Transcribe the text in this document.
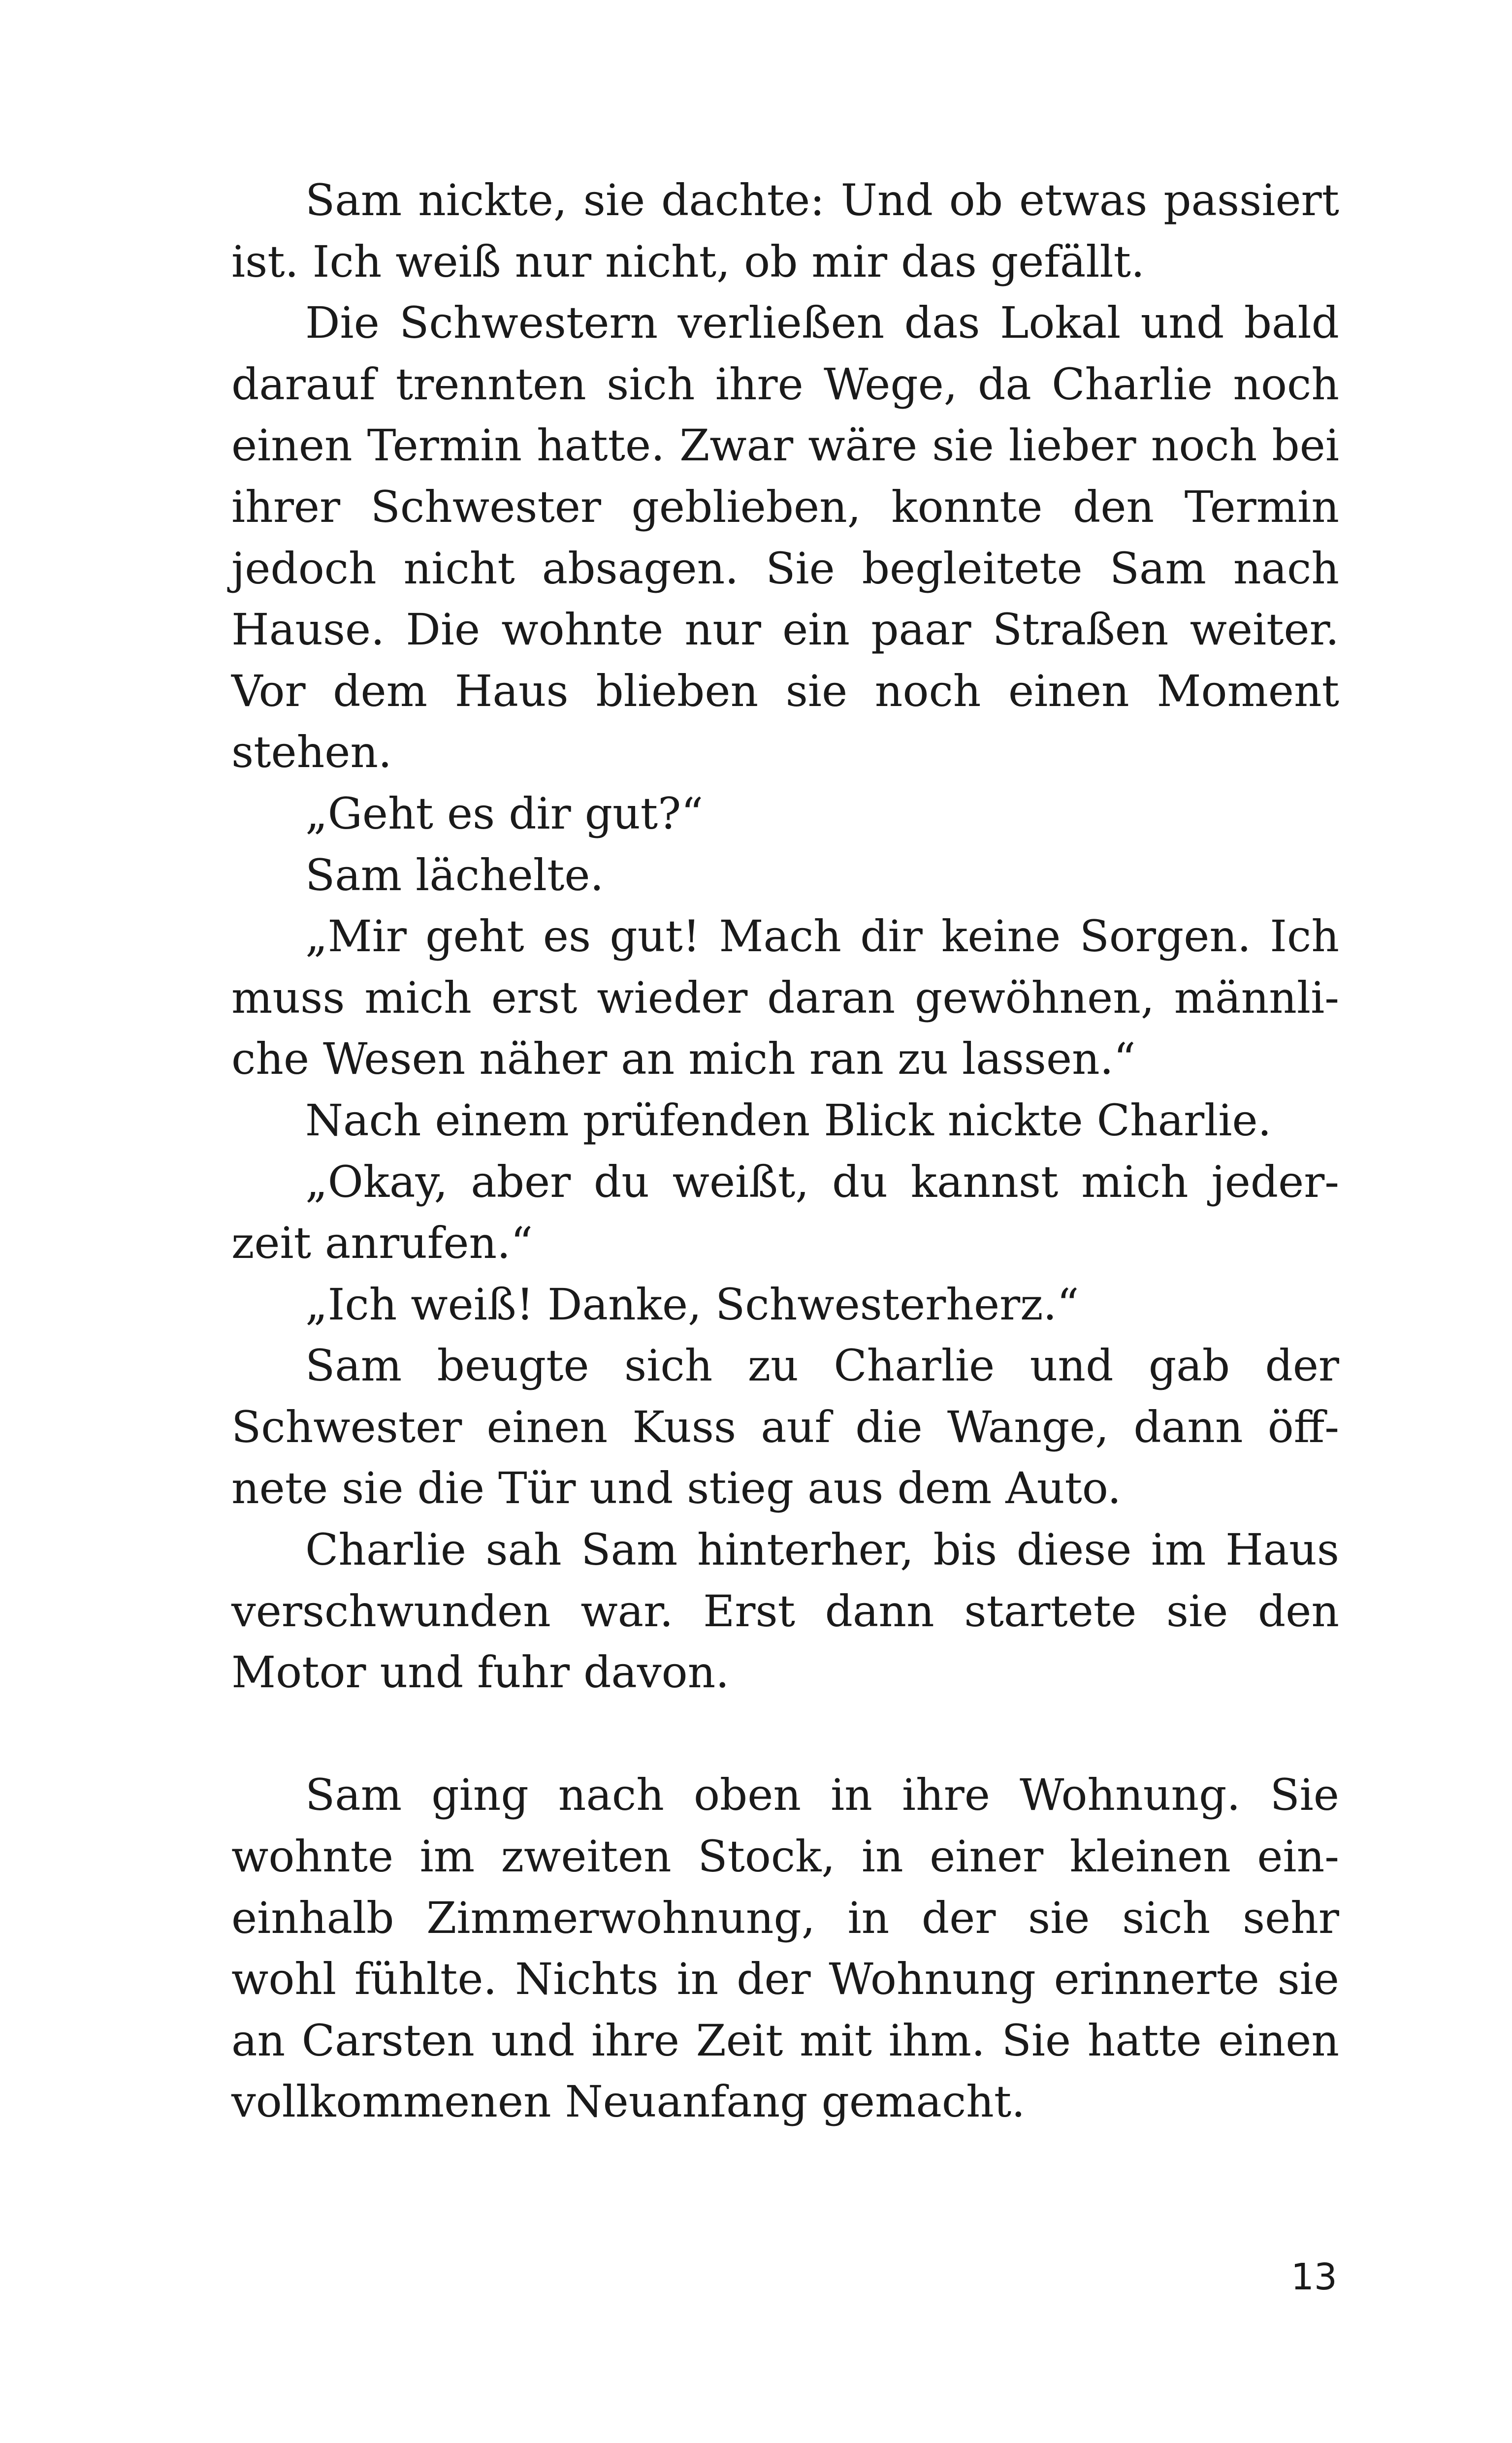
Sam nickte, sie dachte: Und ob etwas passiert ist. Ich weiß nur nicht, ob mir das gefällt.

Die Schwestern verließen das Lokal und bald darauf trennten sich ihre Wege, da Charlie noch einen Termin hatte. Zwar wäre sie lieber noch bei ihrer Schwester geblieben, konnte den Termin jedoch nicht absagen. Sie begleitete Sam nach Hause. Die wohnte nur ein paar Straßen weiter. Vor dem Haus blieben sie noch einen Moment stehen.

„Geht es dir gut?“

Sam lächelte.

„Mir geht es gut! Mach dir keine Sorgen. Ich muss mich erst wieder daran gewöhnen, männliche Wesen näher an mich ran zu lassen.“

Nach einem prüfenden Blick nickte Charlie.

„Okay, aber du weißt, du kannst mich jederzeit anrufen.“

„Ich weiß! Danke, Schwesterherz.“

Sam beugte sich zu Charlie und gab der Schwester einen Kuss auf die Wange, dann öffnete sie die Tür und stieg aus dem Auto.

Charlie sah Sam hinterher, bis diese im Haus verschwunden war. Erst dann startete sie den Motor und fuhr davon.

Sam ging nach oben in ihre Wohnung. Sie wohnte im zweiten Stock, in einer kleinen eineinhalb Zimmerwohnung, in der sie sich sehr wohl fühlte. Nichts in der Wohnung erinnerte sie an Carsten und ihre Zeit mit ihm. Sie hatte einen vollkommenen Neuanfang gemacht.

13
